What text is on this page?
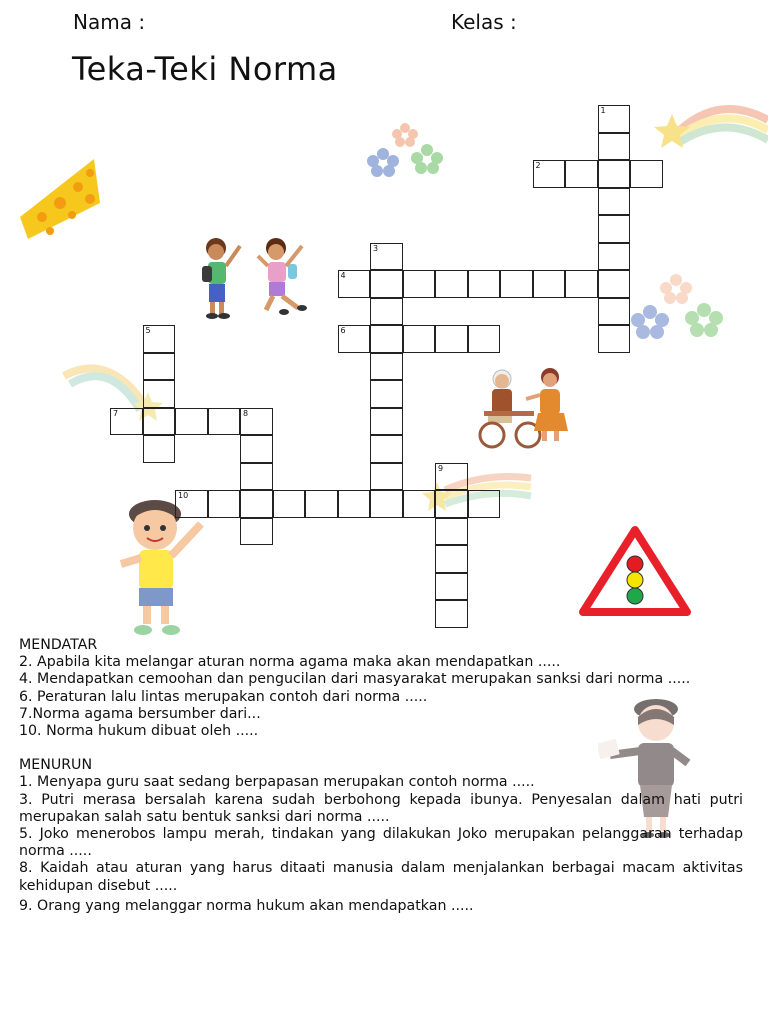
Nama :	Kelas :
Teka-Teki Norma
1
2
3
4
5	6
7	8
9
10

MENDATAR

2. Apabila kita melangar aturan norma agama maka akan mendapatkan .....

4. Mendapatkan cemoohan dan pengucilan dari masyarakat merupakan sanksi dari norma .....

6. Peraturan lalu lintas merupakan contoh dari norma .....

7.Norma agama bersumber dari...

10. Norma hukum dibuat oleh .....

MENURUN

1. Menyapa guru saat sedang berpapasan merupakan contoh norma .....

3. Putri merasa bersalah karena sudah berbohong kepada ibunya. Penyesalan dalam hati putri merupakan salah satu bentuk sanksi dari norma .....

5. Joko menerobos lampu merah, tindakan yang dilakukan Joko merupakan pelanggaran terhadap norma .....

8. Kaidah atau aturan yang harus ditaati manusia dalam menjalankan berbagai macam aktivitas kehidupan disebut .....

9. Orang yang melanggar norma hukum akan mendapatkan .....
